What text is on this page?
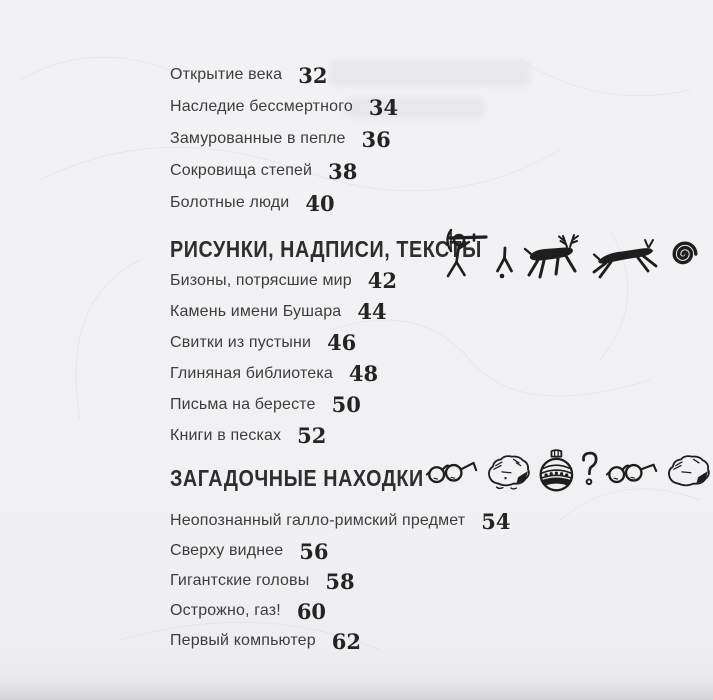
Открытие века 32
Наследие бессмертного 34
Замурованные в пепле 36
Сокровища степей 38
Болотные люди 40
РИСУНКИ, НАДПИСИ, ТЕКСТЫ
Бизоны, потрясшие мир 42
Камень имени Бушара 44
Свитки из пустыни 46
Глиняная библиотека 48
Письма на бересте 50
Книги в песках 52
ЗАГАДОЧНЫЕ НАХОДКИ
Неопознанный галло-римский предмет 54
Сверху виднее 56
Гигантские головы 58
Острожно, газ! 60
Первый компьютер 62
